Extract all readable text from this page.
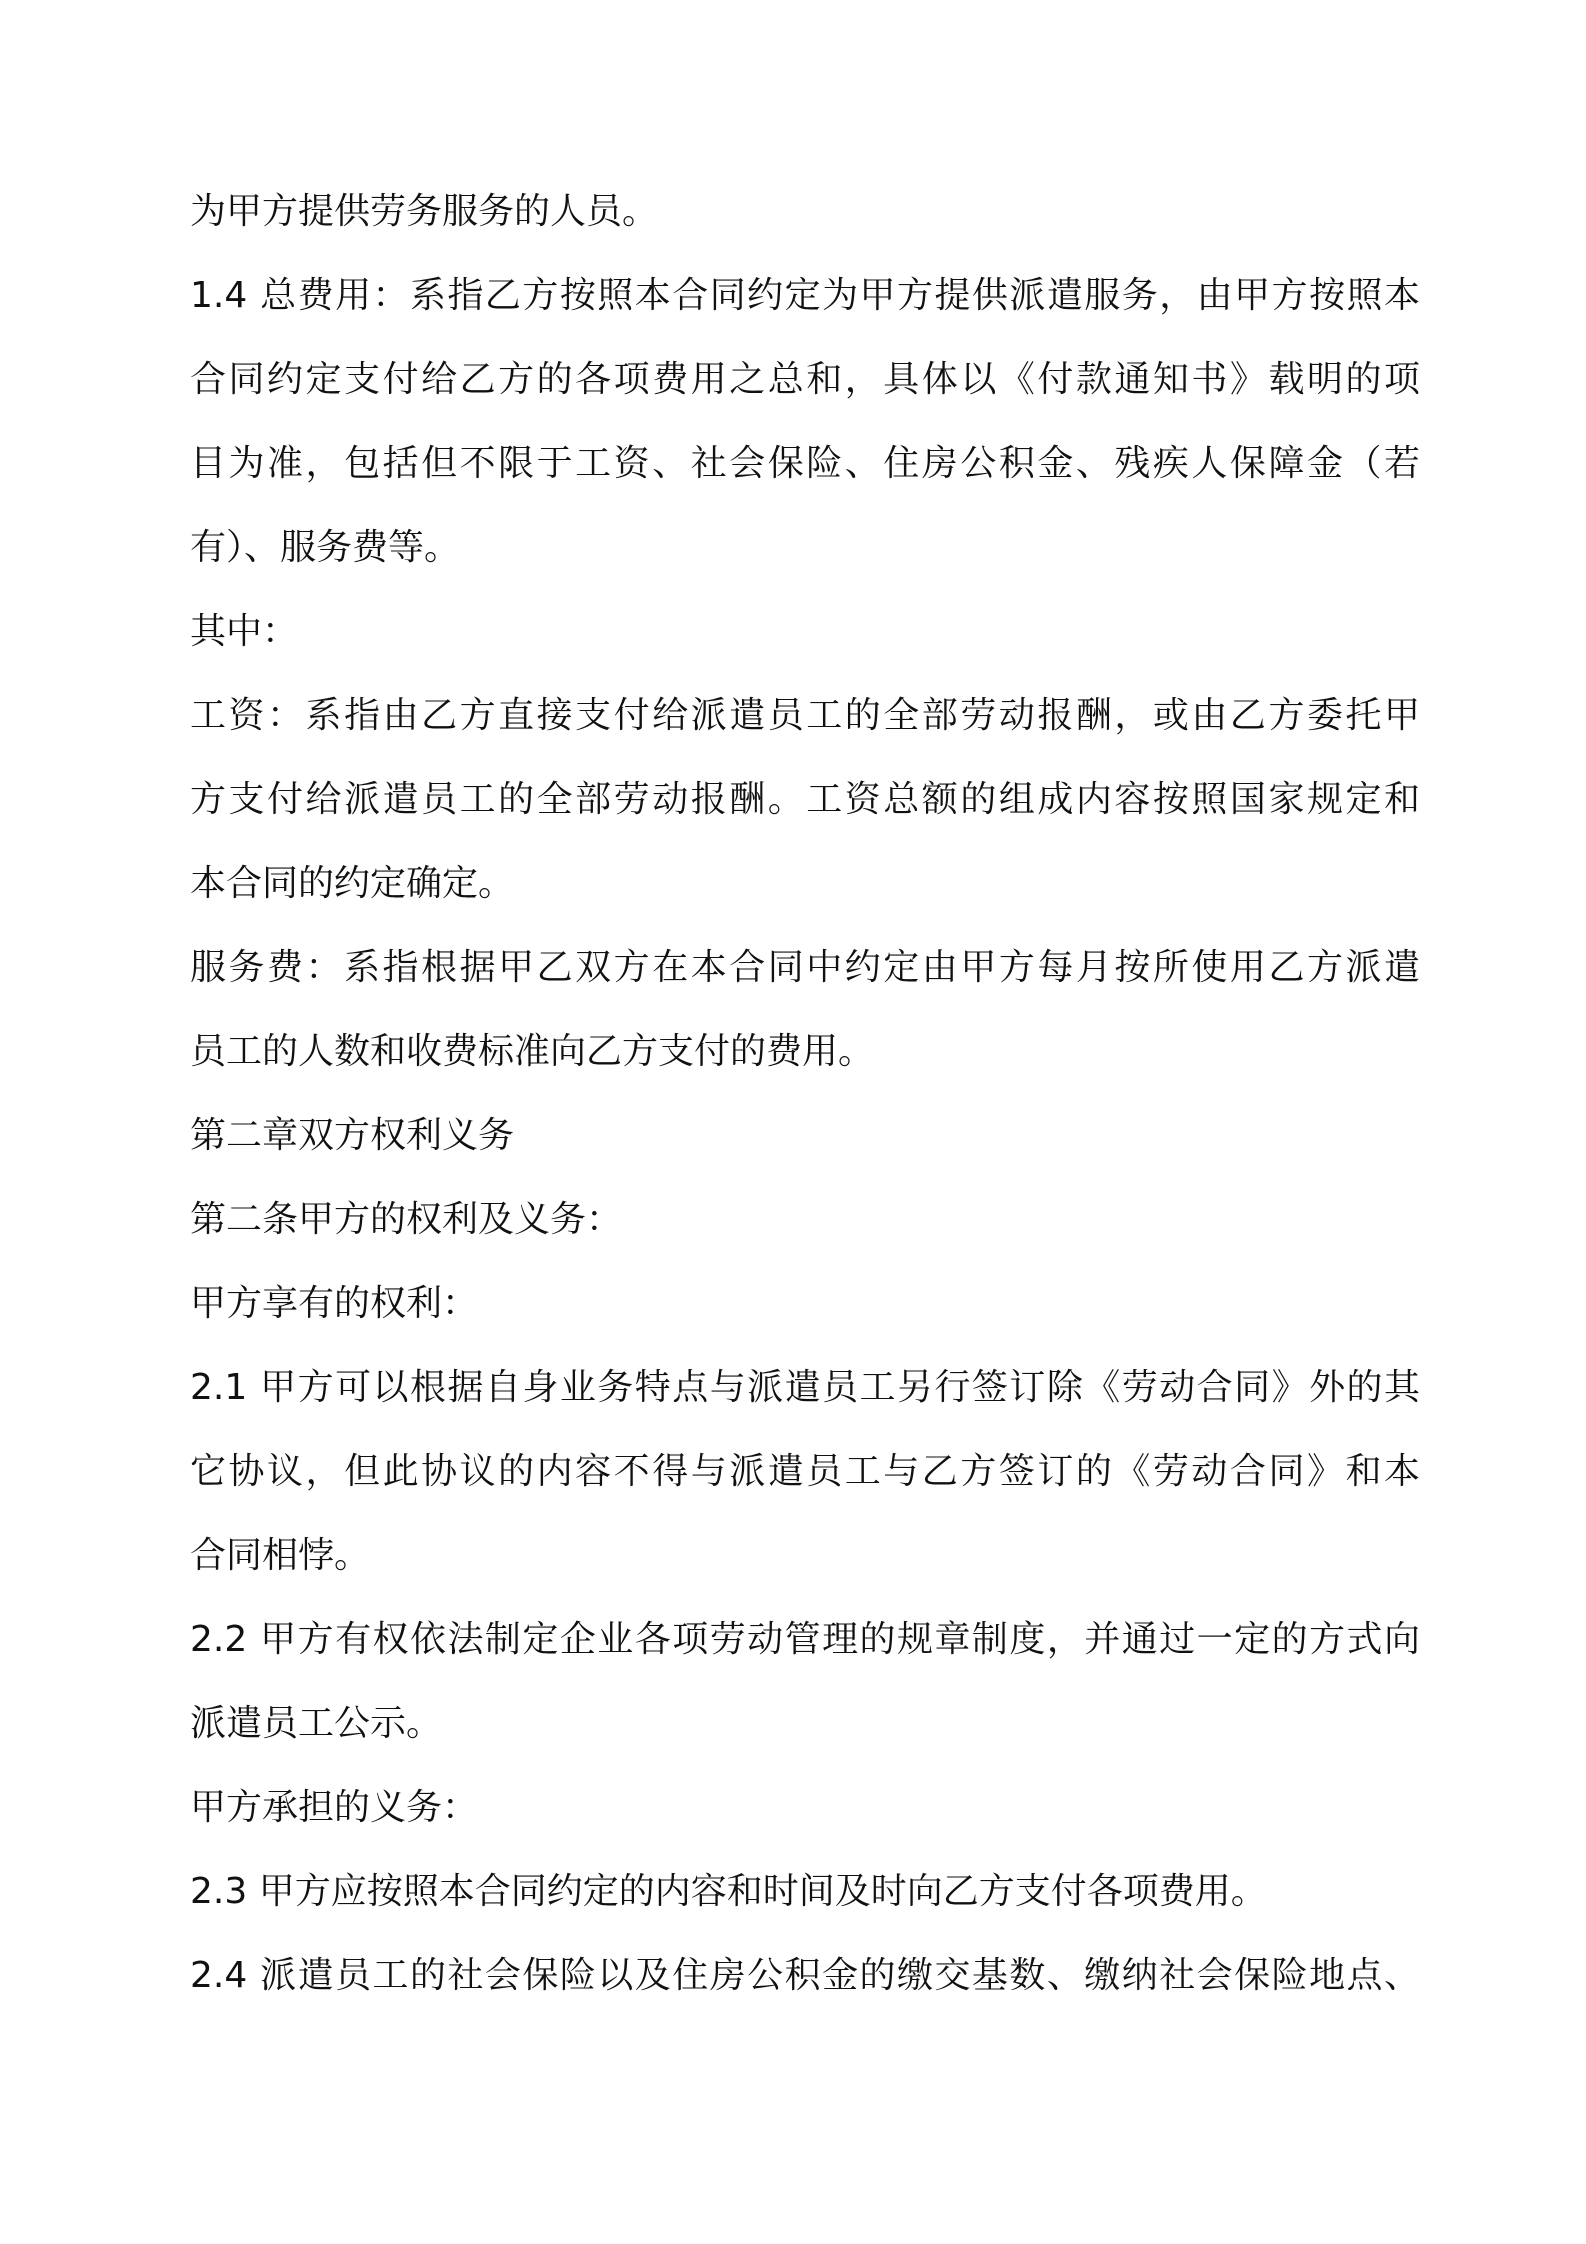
为甲方提供劳务服务的人员。
1.4 总费用：系指乙方按照本合同约定为甲方提供派遣服务，由甲方按照本
合同约定支付给乙方的各项费用之总和，具体以《付款通知书》载明的项
目为准，包括但不限于工资、社会保险、住房公积金、残疾人保障金（若
有）、服务费等。
其中：
工资：系指由乙方直接支付给派遣员工的全部劳动报酬，或由乙方委托甲
方支付给派遣员工的全部劳动报酬。工资总额的组成内容按照国家规定和
本合同的约定确定。
服务费：系指根据甲乙双方在本合同中约定由甲方每月按所使用乙方派遣
员工的人数和收费标准向乙方支付的费用。
第二章双方权利义务
第二条甲方的权利及义务：
甲方享有的权利：
2.1 甲方可以根据自身业务特点与派遣员工另行签订除《劳动合同》外的其
它协议，但此协议的内容不得与派遣员工与乙方签订的《劳动合同》和本
合同相悖。
2.2 甲方有权依法制定企业各项劳动管理的规章制度，并通过一定的方式向
派遣员工公示。
甲方承担的义务：
2.3 甲方应按照本合同约定的内容和时间及时向乙方支付各项费用。
2.4 派遣员工的社会保险以及住房公积金的缴交基数、缴纳社会保险地点、
